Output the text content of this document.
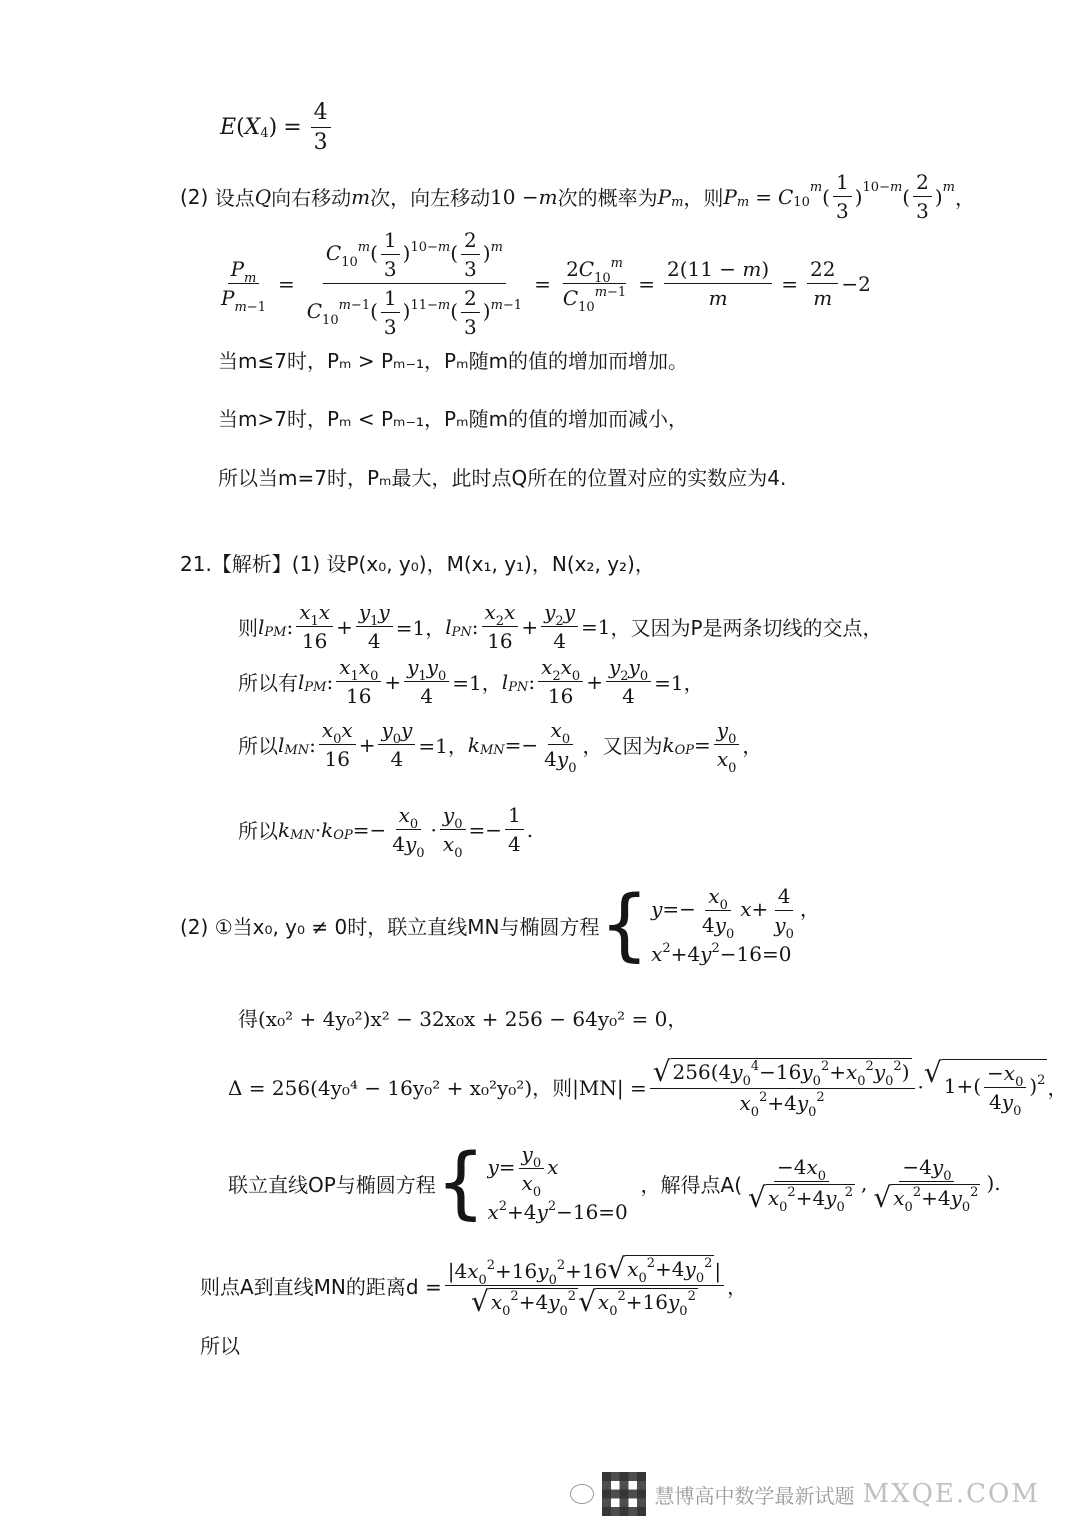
E ( X 4 ) = $\frac{4}{3}$
(2)
设点 Q 向右移动 m 次，向左移动 10 − m 次的概率为 P m ，则 P m = C 10
m ( $\frac{1}{3}$ ) 10−m ( $\frac{2}{3}$ ) m ，
$\frac{P_m}{P_{m-1}} = \frac{C_{10}^m( \frac{1}{3} )^{10-m}( \frac{2}{3} )^m}{C_{10}^{m-1}( \frac{1}{3} )^{11-m}( \frac{2}{3} )^{m-1}} = \frac{2C_{10}^m}{C_{10}^{m-1}} = \frac{2(11 - m)}{m} = \frac{22}{m} -2$
当m≤7时，Pₘ > Pₘ₋₁，Pₘ随m的值的增加而增加。
当m>7时，Pₘ < Pₘ₋₁，Pₘ随m的值的增加而减小，
所以当m=7时，Pₘ最大，此时点Q所在的位置对应的实数应为4.
21.【解析】(1) 设P(x₀, y₀)，M(x₁, y₁)，N(x₂, y₂)，
则 l PM : $\frac{x_1x}{16} + \frac{y_1y}{4} =1$， l PN : $\frac{x_2x}{16} + \frac{y_2y}{4} =1$ ，又因为P是两条切线的交点，
所以有 l PM : $\frac{x_1x_0}{16} + \frac{y_1y_0}{4} =1$， l PN : $\frac{x_2x_0}{16} + \frac{y_2y_0}{4} =1$，
所以 l MN : $\frac{x_0x}{16} + \frac{y_0y}{4} =1$， k MN =− $\frac{x_0}{4y_0}$ ，又因为 k OP = $\frac{y_0}{x_0}$ ，
所以 k MN · k OP =− $\frac{x_0}{4y_0} \cdot \frac{y_0}{x_0} =- \frac{1}{4}$ .
(2) ①当x₀, y₀ ≠ 0时，联立直线MN与椭圆方程 { $y=- \frac{x_0}{4y_0} x+ \frac{4}{y_0}$ ，
$x^2+4y^2-16=0$
得(x₀² + 4y₀²)x² − 32x₀x + 256 − 64y₀² = 0，
Δ = 256(4y₀⁴ − 16y₀² + x₀²y₀²)，则$|MN| = \frac{√ 256(4y_0^4-16y_0^2+x_0^2y_0^2)}{x_0^2+4y_0^2}$ · √ $1+( \frac{-x_0}{4y_0} )^2$ ，
联立直线OP与椭圆方程 { $y= \frac{y_0}{x_0}$ x
$x^2+4y^2-16=0$

，解得点$A( \frac{-4x_0}{√ x_0^2+4y_0^2}$ , $\frac{-4y_0}{√ x_0^2+4y_0^2}$ ).
则点A到直线MN的距离$d = \frac{|4x_0^2+16y_0^2+16 √ x_0^2+4y_0^2 |}{√ x_0^2+4y_0^2 √ x_0^2+16y_0^2}$ ，
所以
慧博高中数学最新试题 MXQE.COM
